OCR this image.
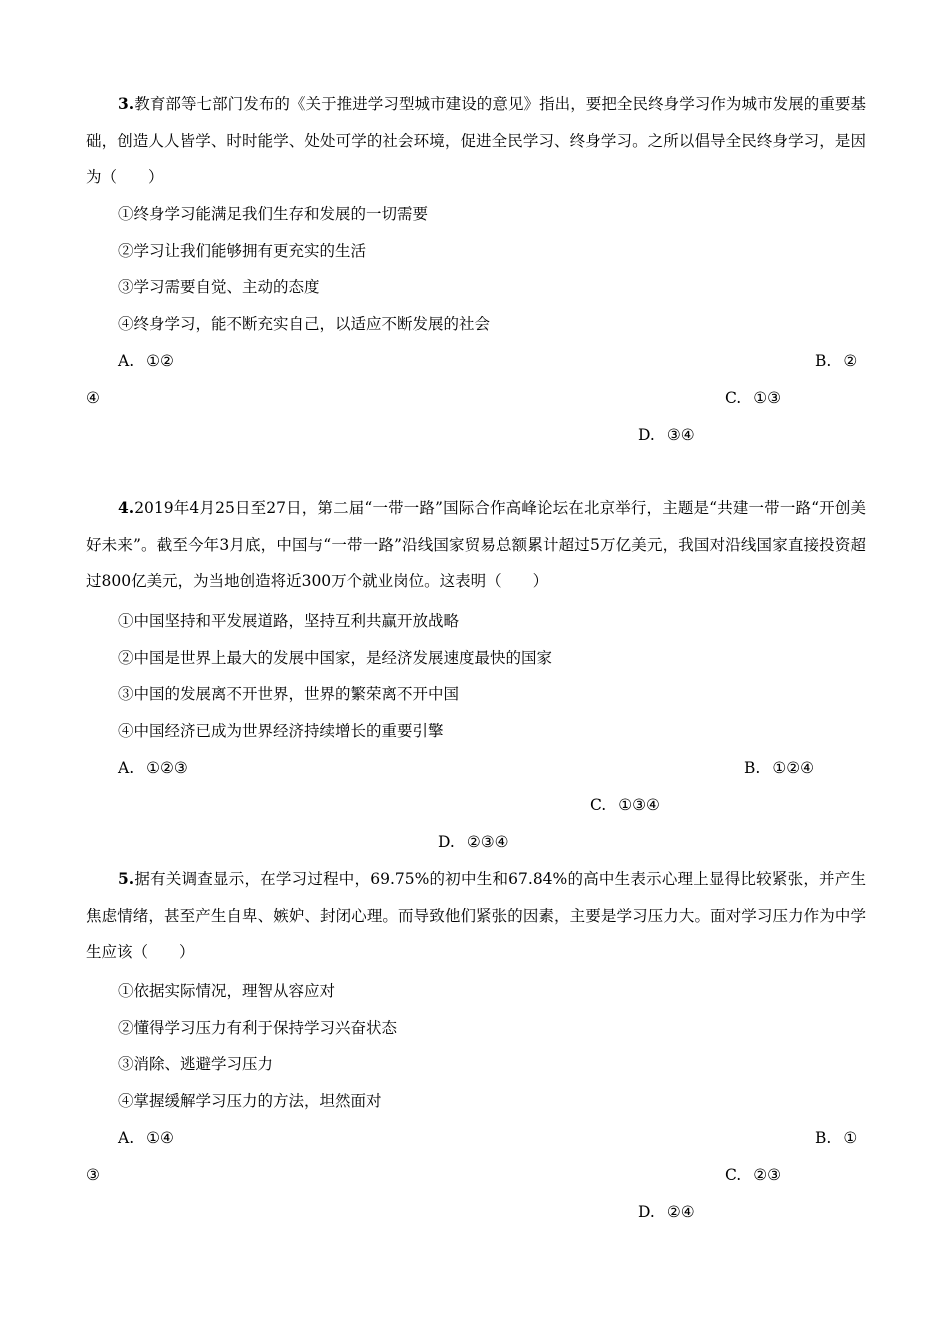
3.教育部等七部门发布的《关于推进学习型城市建设的意见》指出，要把全民终身学习作为城市发展的重要基础，创造人人皆学、时时能学、处处可学的社会环境，促进全民学习、终身学习。之所以倡导全民终身学习，是因为（　　）

①终身学习能满足我们生存和发展的一切需要
②学习让我们能够拥有更充实的生活
③学习需要自觉、主动的态度
④终身学习，能不断充实自己，以适应不断发展的社会
A. ①②	B. ②
④	C. ①③
D. ③④

4.2019年4月25日至27日，第二届“一带一路”国际合作高峰论坛在北京举行，主题是“共建一带一路“开创美好未来”。截至今年3月底，中国与“一带一路”沿线国家贸易总额累计超过5万亿美元，我国对沿线国家直接投资超过800亿美元，为当地创造将近300万个就业岗位。这表明（　　）

①中国坚持和平发展道路，坚持互利共赢开放战略
②中国是世界上最大的发展中国家，是经济发展速度最快的国家
③中国的发展离不开世界，世界的繁荣离不开中国
④中国经济已成为世界经济持续增长的重要引擎
A. ①②③	B. ①②④
C. ①③④
D. ②③④

5.据有关调查显示，在学习过程中，69.75%的初中生和67.84%的高中生表示心理上显得比较紧张，并产生焦虑情绪，甚至产生自卑、嫉妒、封闭心理。而导致他们紧张的因素，主要是学习压力大。面对学习压力作为中学生应该（　　）

①依据实际情况，理智从容应对
②懂得学习压力有利于保持学习兴奋状态
③消除、逃避学习压力
④掌握缓解学习压力的方法，坦然面对
A. ①④	B. ①
③	C. ②③
D. ②④
